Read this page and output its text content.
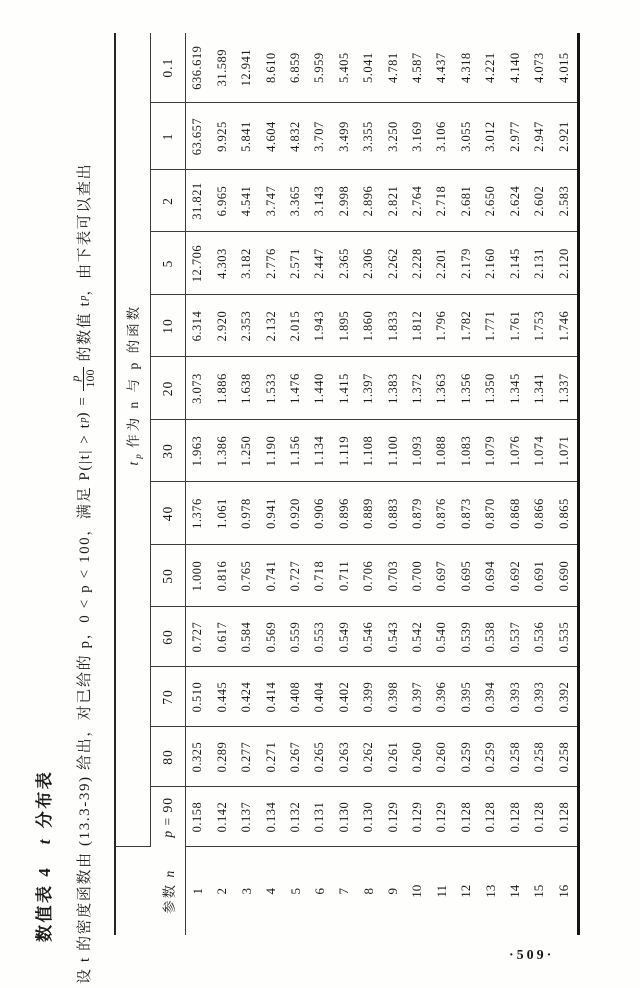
数值表 4　t 分布表 设 t 的密度函数由 (13.3-39) 给出，对已给的 p，0 < p < 100，满足 P(|t| > t
p
) =
p 100
的数值 t
p
，由下表可以查出
参数 n	$t_p$ 作为 n 与 p 的函数												
	p = 90	80	70	60	50	40	30	20	10	5	2	1	0.1
1	0.158	0.325	0.510	0.727	1.000	1.376	1.963	3.073	6.314	12.706	31.821	63.657	636.619
2	0.142	0.289	0.445	0.617	0.816	1.061	1.386	1.886	2.920	4.303	6.965	9.925	31.589
3	0.137	0.277	0.424	0.584	0.765	0.978	1.250	1.638	2.353	3.182	4.541	5.841	12.941
4	0.134	0.271	0.414	0.569	0.741	0.941	1.190	1.533	2.132	2.776	3.747	4.604	8.610
5	0.132	0.267	0.408	0.559	0.727	0.920	1.156	1.476	2.015	2.571	3.365	4.832	6.859
6	0.131	0.265	0.404	0.553	0.718	0.906	1.134	1.440	1.943	2.447	3.143	3.707	5.959
7	0.130	0.263	0.402	0.549	0.711	0.896	1.119	1.415	1.895	2.365	2.998	3.499	5.405
8	0.130	0.262	0.399	0.546	0.706	0.889	1.108	1.397	1.860	2.306	2.896	3.355	5.041
9	0.129	0.261	0.398	0.543	0.703	0.883	1.100	1.383	1.833	2.262	2.821	3.250	4.781
10	0.129	0.260	0.397	0.542	0.700	0.879	1.093	1.372	1.812	2.228	2.764	3.169	4.587
11	0.129	0.260	0.396	0.540	0.697	0.876	1.088	1.363	1.796	2.201	2.718	3.106	4.437
12	0.128	0.259	0.395	0.539	0.695	0.873	1.083	1.356	1.782	2.179	2.681	3.055	4.318
13	0.128	0.259	0.394	0.538	0.694	0.870	1.079	1.350	1.771	2.160	2.650	3.012	4.221
14	0.128	0.258	0.393	0.537	0.692	0.868	1.076	1.345	1.761	2.145	2.624	2.977	4.140
15	0.128	0.258	0.393	0.536	0.691	0.866	1.074	1.341	1.753	2.131	2.602	2.947	4.073
16	0.128	0.258	0.392	0.535	0.690	0.865	1.071	1.337	1.746	2.120	2.583	2.921	4.015
·509·
